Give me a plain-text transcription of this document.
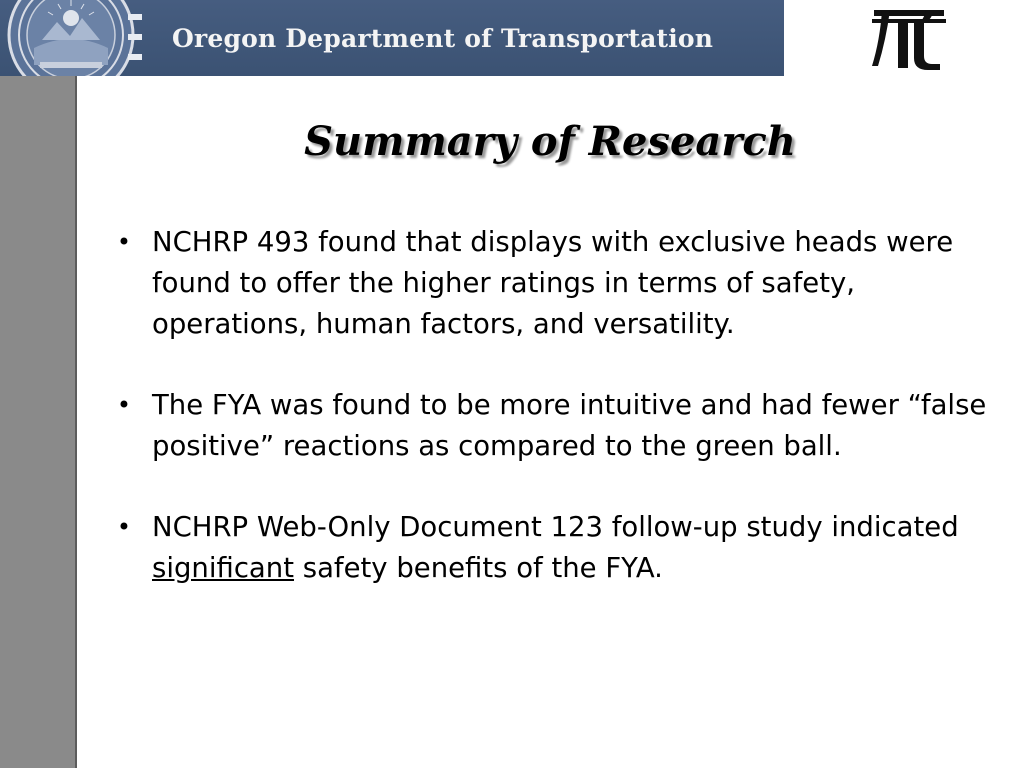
Oregon Department of Transportation
Summary of Research
• NCHRP 493 found that displays with exclusive heads were found to offer the higher ratings in terms of safety, operations, human factors, and versatility.
• The FYA was found to be more intuitive and had fewer “false positive” reactions as compared to the green ball.
• NCHRP Web-Only Document 123 follow-up study indicated significant safety benefits of the FYA.
